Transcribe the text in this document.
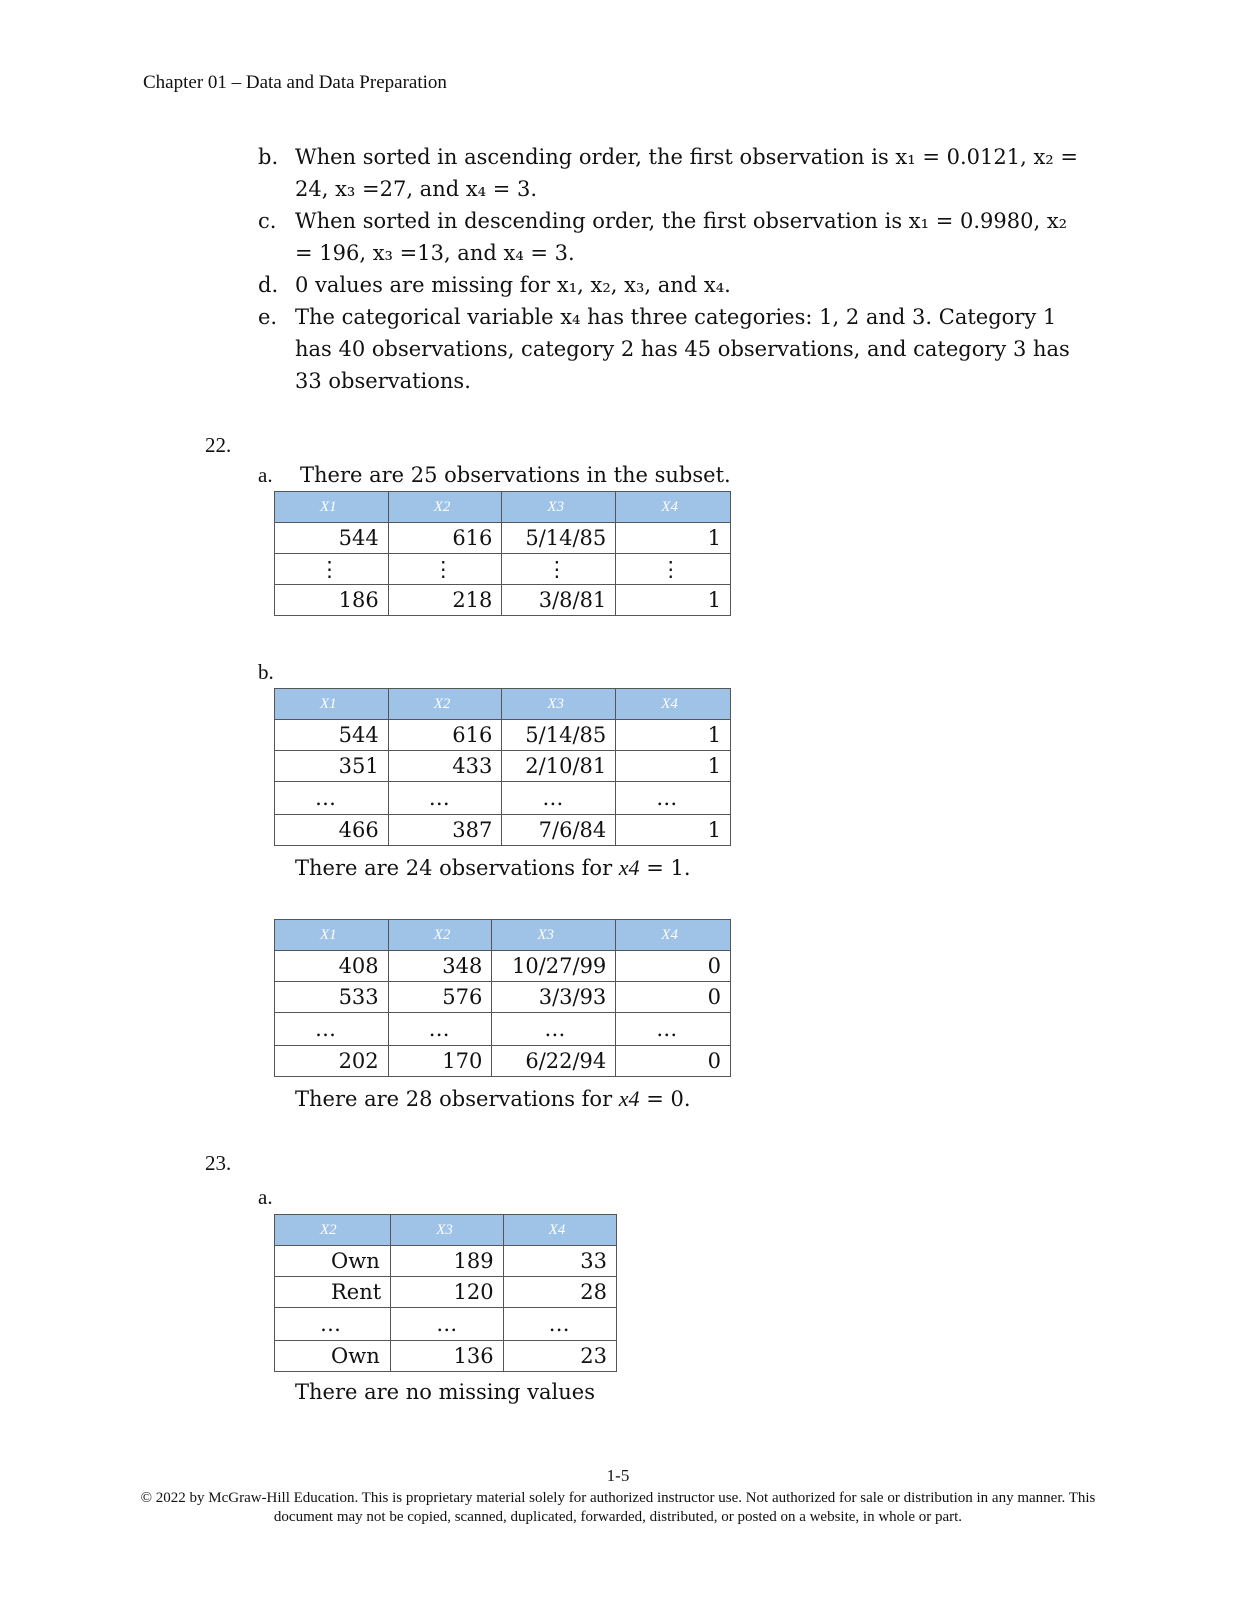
Chapter 01 – Data and Data Preparation
b. When sorted in ascending order, the first observation is x₁ = 0.0121, x₂ = 24, x₃ =27, and x₄ = 3.
c. When sorted in descending order, the first observation is x₁ = 0.9980, x₂ = 196, x₃ =13, and x₄ = 3.
d. 0 values are missing for x₁, x₂, x₃, and x₄.
e. The categorical variable x₄ has three categories: 1, 2 and 3. Category 1 has 40 observations, category 2 has 45 observations, and category 3 has 33 observations.
22.
a. There are 25 observations in the subset.
X1	X2	X3	X4
544	616	5/14/85	1
⋮	⋮	⋮	⋮
186	218	3/8/81	1
b.
X1	X2	X3	X4
544	616	5/14/85	1
351	433	2/10/81	1
…	…	…	…
466	387	7/6/84	1
There are 24 observations for x4 = 1.
X1	X2	X3	X4
408	348	10/27/99	0
533	576	3/3/93	0
…	…	…	…
202	170	6/22/94	0
There are 28 observations for x4 = 0.
23.
a.
X2	X3	X4
Own	189	33
Rent	120	28
…	…	…
Own	136	23
There are no missing values
1-5
© 2022 by McGraw-Hill Education. This is proprietary material solely for authorized instructor use. Not authorized for sale or distribution in any manner. This document may not be copied, scanned, duplicated, forwarded, distributed, or posted on a website, in whole or part.
